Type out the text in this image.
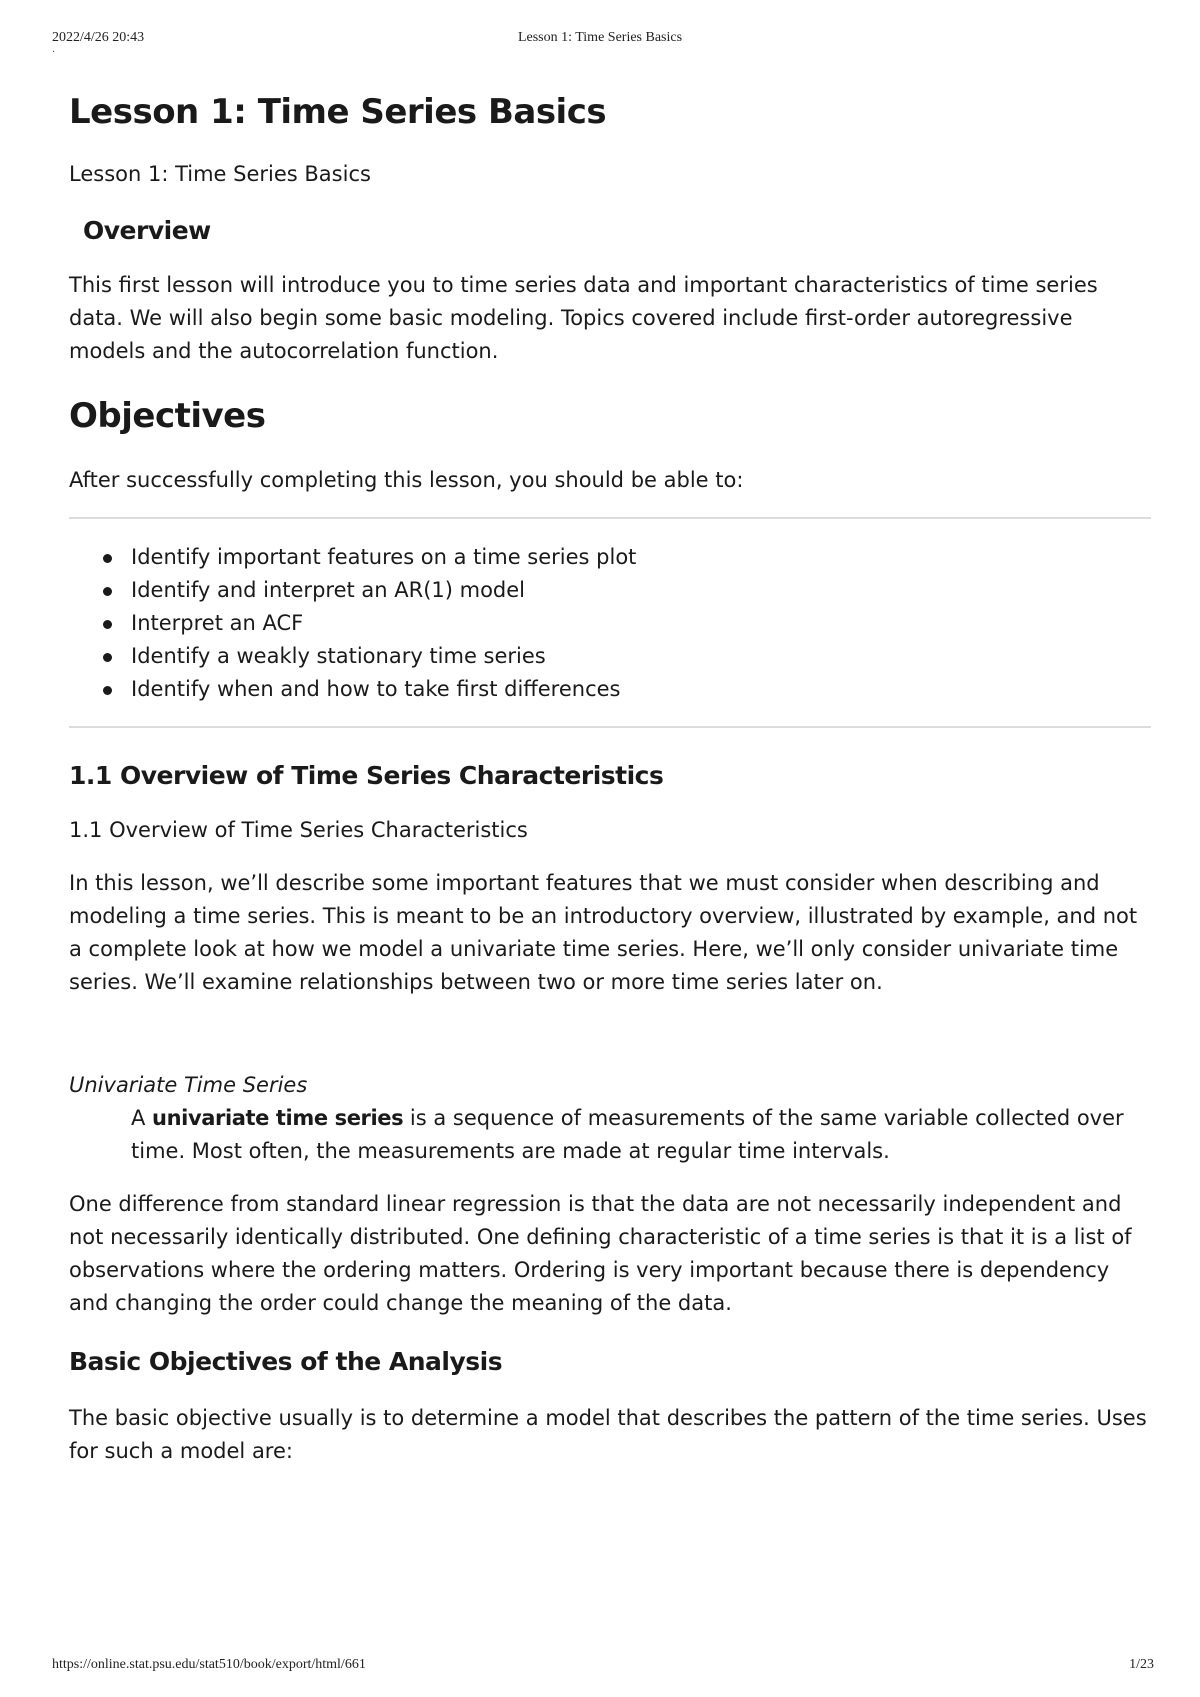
2022/4/26 20:43	Lesson 1: Time Series Basics
.
Lesson 1: Time Series Basics

Lesson 1: Time Series Basics

Overview

This first lesson will introduce you to time series data and important characteristics of time series data. We will also begin some basic modeling. Topics covered include first-order autoregressive models and the autocorrelation function.

Objectives

After successfully completing this lesson, you should be able to:

Identify important features on a time series plot
Identify and interpret an AR(1) model
Interpret an ACF
Identify a weakly stationary time series
Identify when and how to take first differences
1.1 Overview of Time Series Characteristics

1.1 Overview of Time Series Characteristics

In this lesson, we’ll describe some important features that we must consider when describing and modeling a time series. This is meant to be an introductory overview, illustrated by example, and not a complete look at how we model a univariate time series. Here, we’ll only consider univariate time series. We’ll examine relationships between two or more time series later on.

Univariate Time Series
A univariate time series is a sequence of measurements of the same variable collected over time. Most often, the measurements are made at regular time intervals.

One difference from standard linear regression is that the data are not necessarily independent and not necessarily identically distributed. One defining characteristic of a time series is that it is a list of observations where the ordering matters. Ordering is very important because there is dependency and changing the order could change the meaning of the data.

Basic Objectives of the Analysis

The basic objective usually is to determine a model that describes the pattern of the time series. Uses for such a model are:

https://online.stat.psu.edu/stat510/book/export/html/661	1/23
